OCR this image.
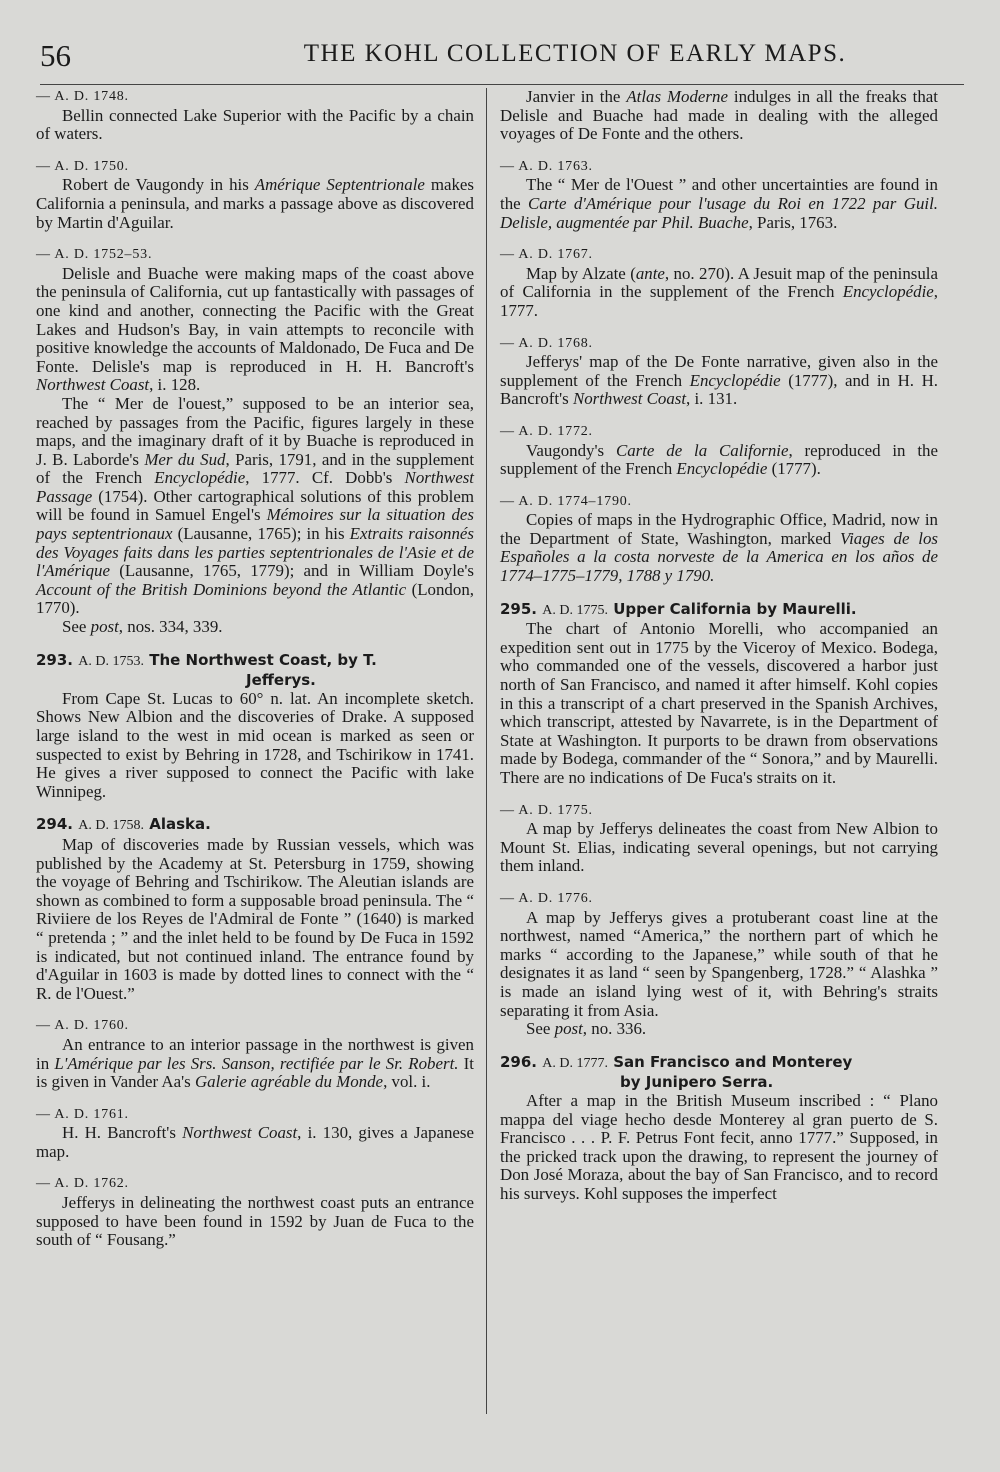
56	THE KOHL COLLECTION OF EARLY MAPS.

— A. D. 1748.

Bellin connected Lake Superior with the Pacific by a chain of waters.

— A. D. 1750.

Robert de Vaugondy in his Amérique Septentrionale makes California a peninsula, and marks a passage above as discovered by Martin d'Aguilar.

— A. D. 1752–53.

Delisle and Buache were making maps of the coast above the peninsula of California, cut up fantastically with passages of one kind and another, connecting the Pacific with the Great Lakes and Hudson's Bay, in vain attempts to reconcile with positive knowledge the accounts of Maldonado, De Fuca and De Fonte. Delisle's map is reproduced in H. H. Bancroft's Northwest Coast, i. 128.

The “ Mer de l'ouest,” supposed to be an interior sea, reached by passages from the Pacific, figures largely in these maps, and the imaginary draft of it by Buache is reproduced in J. B. Laborde's Mer du Sud, Paris, 1791, and in the supplement of the French Encyclopédie, 1777. Cf. Dobb's Northwest Passage (1754). Other cartographical solutions of this problem will be found in Samuel Engel's Mémoires sur la situation des pays septentrionaux (Lausanne, 1765); in his Extraits raisonnés des Voyages faits dans les parties septentrionales de l'Asie et de l'Amérique (Lausanne, 1765, 1779); and in William Doyle's Account of the British Dominions beyond the Atlantic (London, 1770).

See post, nos. 334, 339.

293. A. D. 1753. The Northwest Coast, by T.
Jefferys.

From Cape St. Lucas to 60° n. lat. An incomplete sketch. Shows New Albion and the discoveries of Drake. A supposed large island to the west in mid ocean is marked as seen or suspected to exist by Behring in 1728, and Tschirikow in 1741. He gives a river supposed to connect the Pacific with lake Winnipeg.

294. A. D. 1758. Alaska.

Map of discoveries made by Russian vessels, which was published by the Academy at St. Petersburg in 1759, showing the voyage of Behring and Tschirikow. The Aleutian islands are shown as combined to form a supposable broad peninsula. The “ Riviiere de los Reyes de l'Admiral de Fonte ” (1640) is marked “ pretenda ; ” and the inlet held to be found by De Fuca in 1592 is indicated, but not continued inland. The entrance found by d'Aguilar in 1603 is made by dotted lines to connect with the “ R. de l'Ouest.”

— A. D. 1760.

An entrance to an interior passage in the northwest is given in L'Amérique par les Srs. Sanson, rectifiée par le Sr. Robert. It is given in Vander Aa's Galerie agréable du Monde, vol. i.

— A. D. 1761.

H. H. Bancroft's Northwest Coast, i. 130, gives a Japanese map.

— A. D. 1762.

Jefferys in delineating the northwest coast puts an entrance supposed to have been found in 1592 by Juan de Fuca to the south of “ Fousang.”

Janvier in the Atlas Moderne indulges in all the freaks that Delisle and Buache had made in dealing with the alleged voyages of De Fonte and the others.

— A. D. 1763.

The “ Mer de l'Ouest ” and other uncertainties are found in the Carte d'Amérique pour l'usage du Roi en 1722 par Guil. Delisle, augmentée par Phil. Buache, Paris, 1763.

— A. D. 1767.

Map by Alzate (ante, no. 270). A Jesuit map of the peninsula of California in the supplement of the French Encyclopédie, 1777.

— A. D. 1768.

Jefferys' map of the De Fonte narrative, given also in the supplement of the French Encyclopédie (1777), and in H. H. Bancroft's Northwest Coast, i. 131.

— A. D. 1772.

Vaugondy's Carte de la Californie, reproduced in the supplement of the French Encyclopédie (1777).

— A. D. 1774–1790.

Copies of maps in the Hydrographic Office, Madrid, now in the Department of State, Washington, marked Viages de los Españoles a la costa norveste de la America en los años de 1774–1775–1779, 1788 y 1790.

295. A. D. 1775. Upper California by Maurelli.

The chart of Antonio Morelli, who accompanied an expedition sent out in 1775 by the Viceroy of Mexico. Bodega, who commanded one of the vessels, discovered a harbor just north of San Francisco, and named it after himself. Kohl copies in this a transcript of a chart preserved in the Spanish Archives, which transcript, attested by Navarrete, is in the Department of State at Washington. It purports to be drawn from observations made by Bodega, commander of the “ Sonora,” and by Maurelli. There are no indications of De Fuca's straits on it.

— A. D. 1775.

A map by Jefferys delineates the coast from New Albion to Mount St. Elias, indicating several openings, but not carrying them inland.

— A. D. 1776.

A map by Jefferys gives a protuberant coast line at the northwest, named “America,” the northern part of which he marks “ according to the Japanese,” while south of that he designates it as land “ seen by Spangenberg, 1728.” “ Alashka ” is made an island lying west of it, with Behring's straits separating it from Asia.

See post, no. 336.

296. A. D. 1777. San Francisco and Monterey
by Junipero Serra.

After a map in the British Museum inscribed : “ Plano mappa del viage hecho desde Monterey al gran puerto de S. Francisco . . . P. F. Petrus Font fecit, anno 1777.” Supposed, in the pricked track upon the drawing, to represent the journey of Don José Moraza, about the bay of San Francisco, and to record his surveys. Kohl supposes the imperfect
